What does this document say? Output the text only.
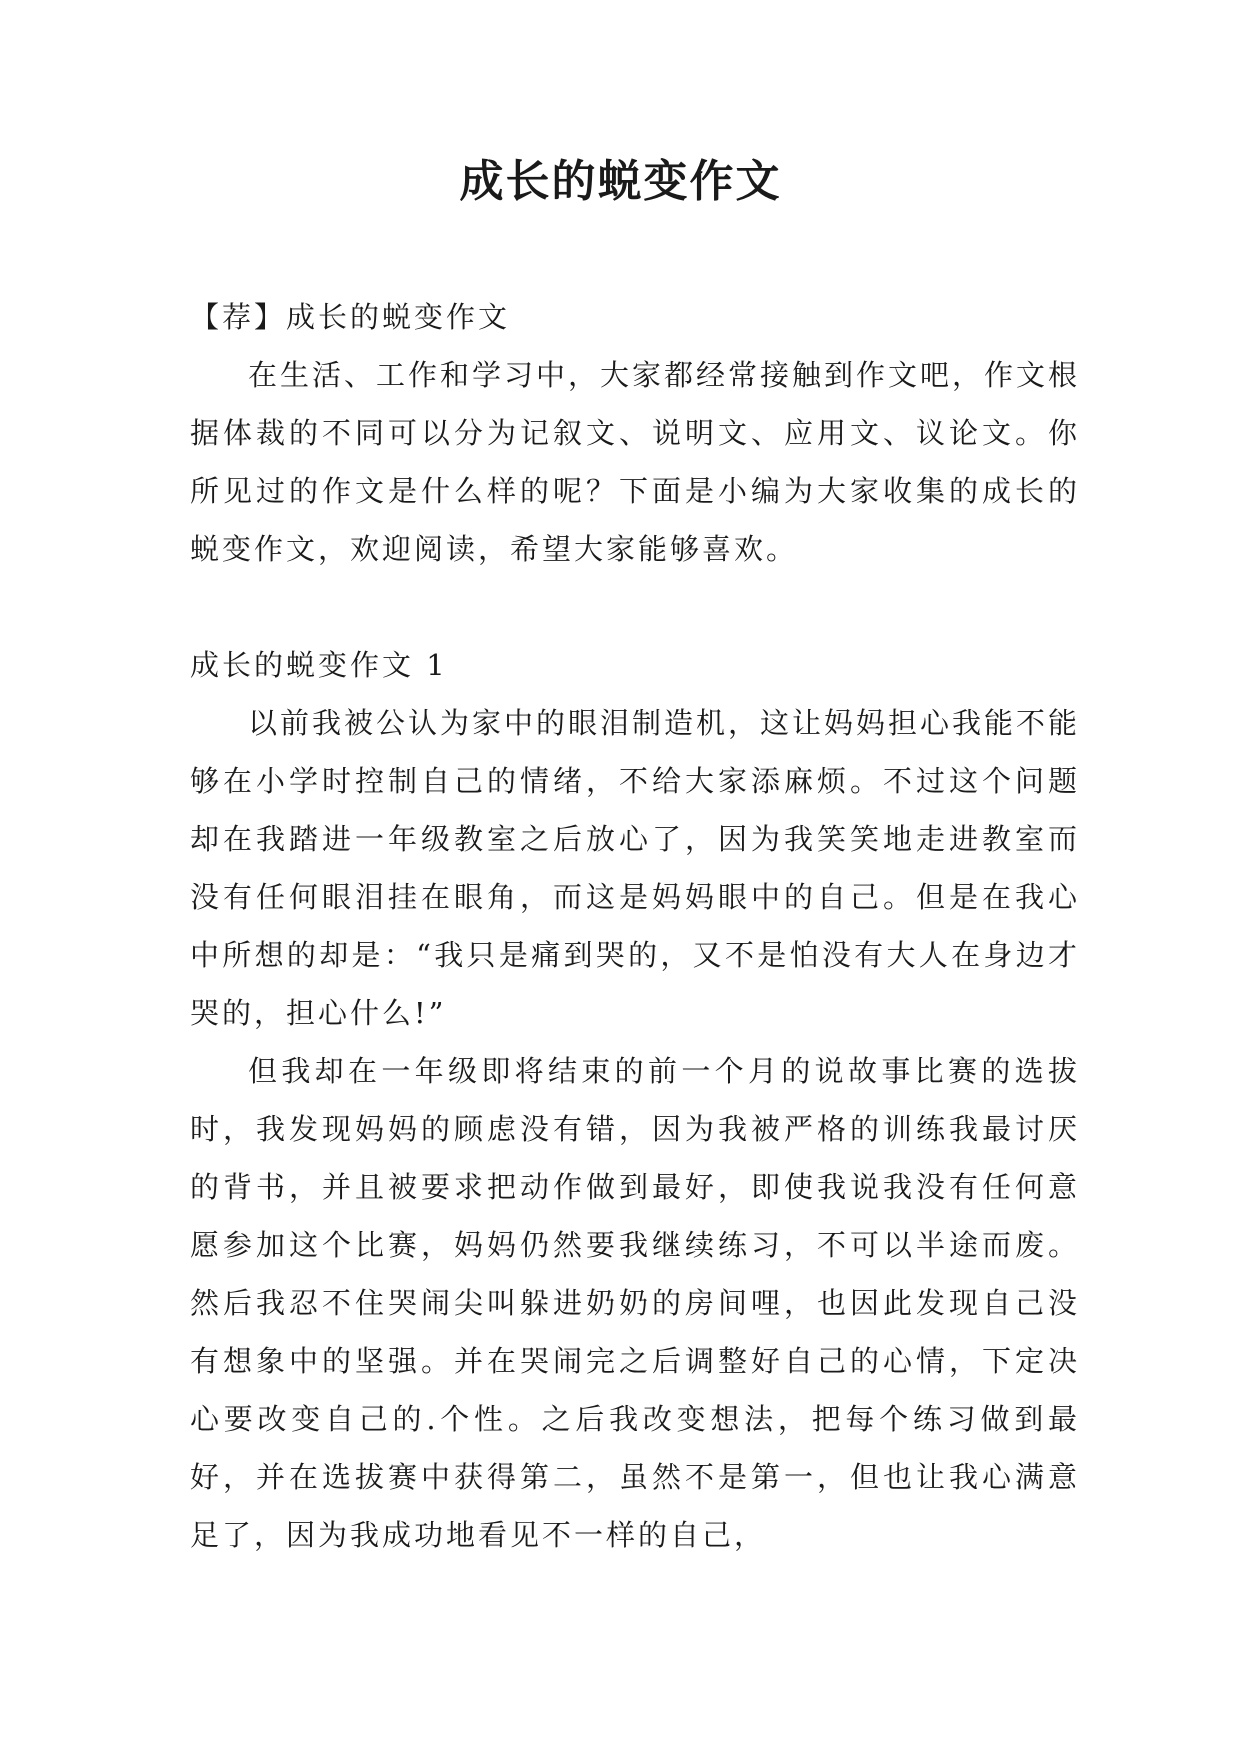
成长的蜕变作文

【荐】成长的蜕变作文

在生活、工作和学习中，大家都经常接触到作文吧，作文根据体裁的不同可以分为记叙文、说明文、应用文、议论文。你所见过的作文是什么样的呢？下面是小编为大家收集的成长的蜕变作文，欢迎阅读，希望大家能够喜欢。

成长的蜕变作文 1

以前我被公认为家中的眼泪制造机，这让妈妈担心我能不能够在小学时控制自己的情绪，不给大家添麻烦。不过这个问题却在我踏进一年级教室之后放心了，因为我笑笑地走进教室而没有任何眼泪挂在眼角，而这是妈妈眼中的自己。但是在我心中所想的却是：“我只是痛到哭的，又不是怕没有大人在身边才哭的，担心什么!”

但我却在一年级即将结束的前一个月的说故事比赛的选拔时，我发现妈妈的顾虑没有错，因为我被严格的训练我最讨厌的背书，并且被要求把动作做到最好，即使我说我没有任何意愿参加这个比赛，妈妈仍然要我继续练习，不可以半途而废。然后我忍不住哭闹尖叫躲进奶奶的房间哩，也因此发现自己没有想象中的坚强。并在哭闹完之后调整好自己的心情，下定决心要改变自己的.个性。之后我改变想法，把每个练习做到最好，并在选拔赛中获得第二，虽然不是第一，但也让我心满意足了，因为我成功地看见不一样的自己，
